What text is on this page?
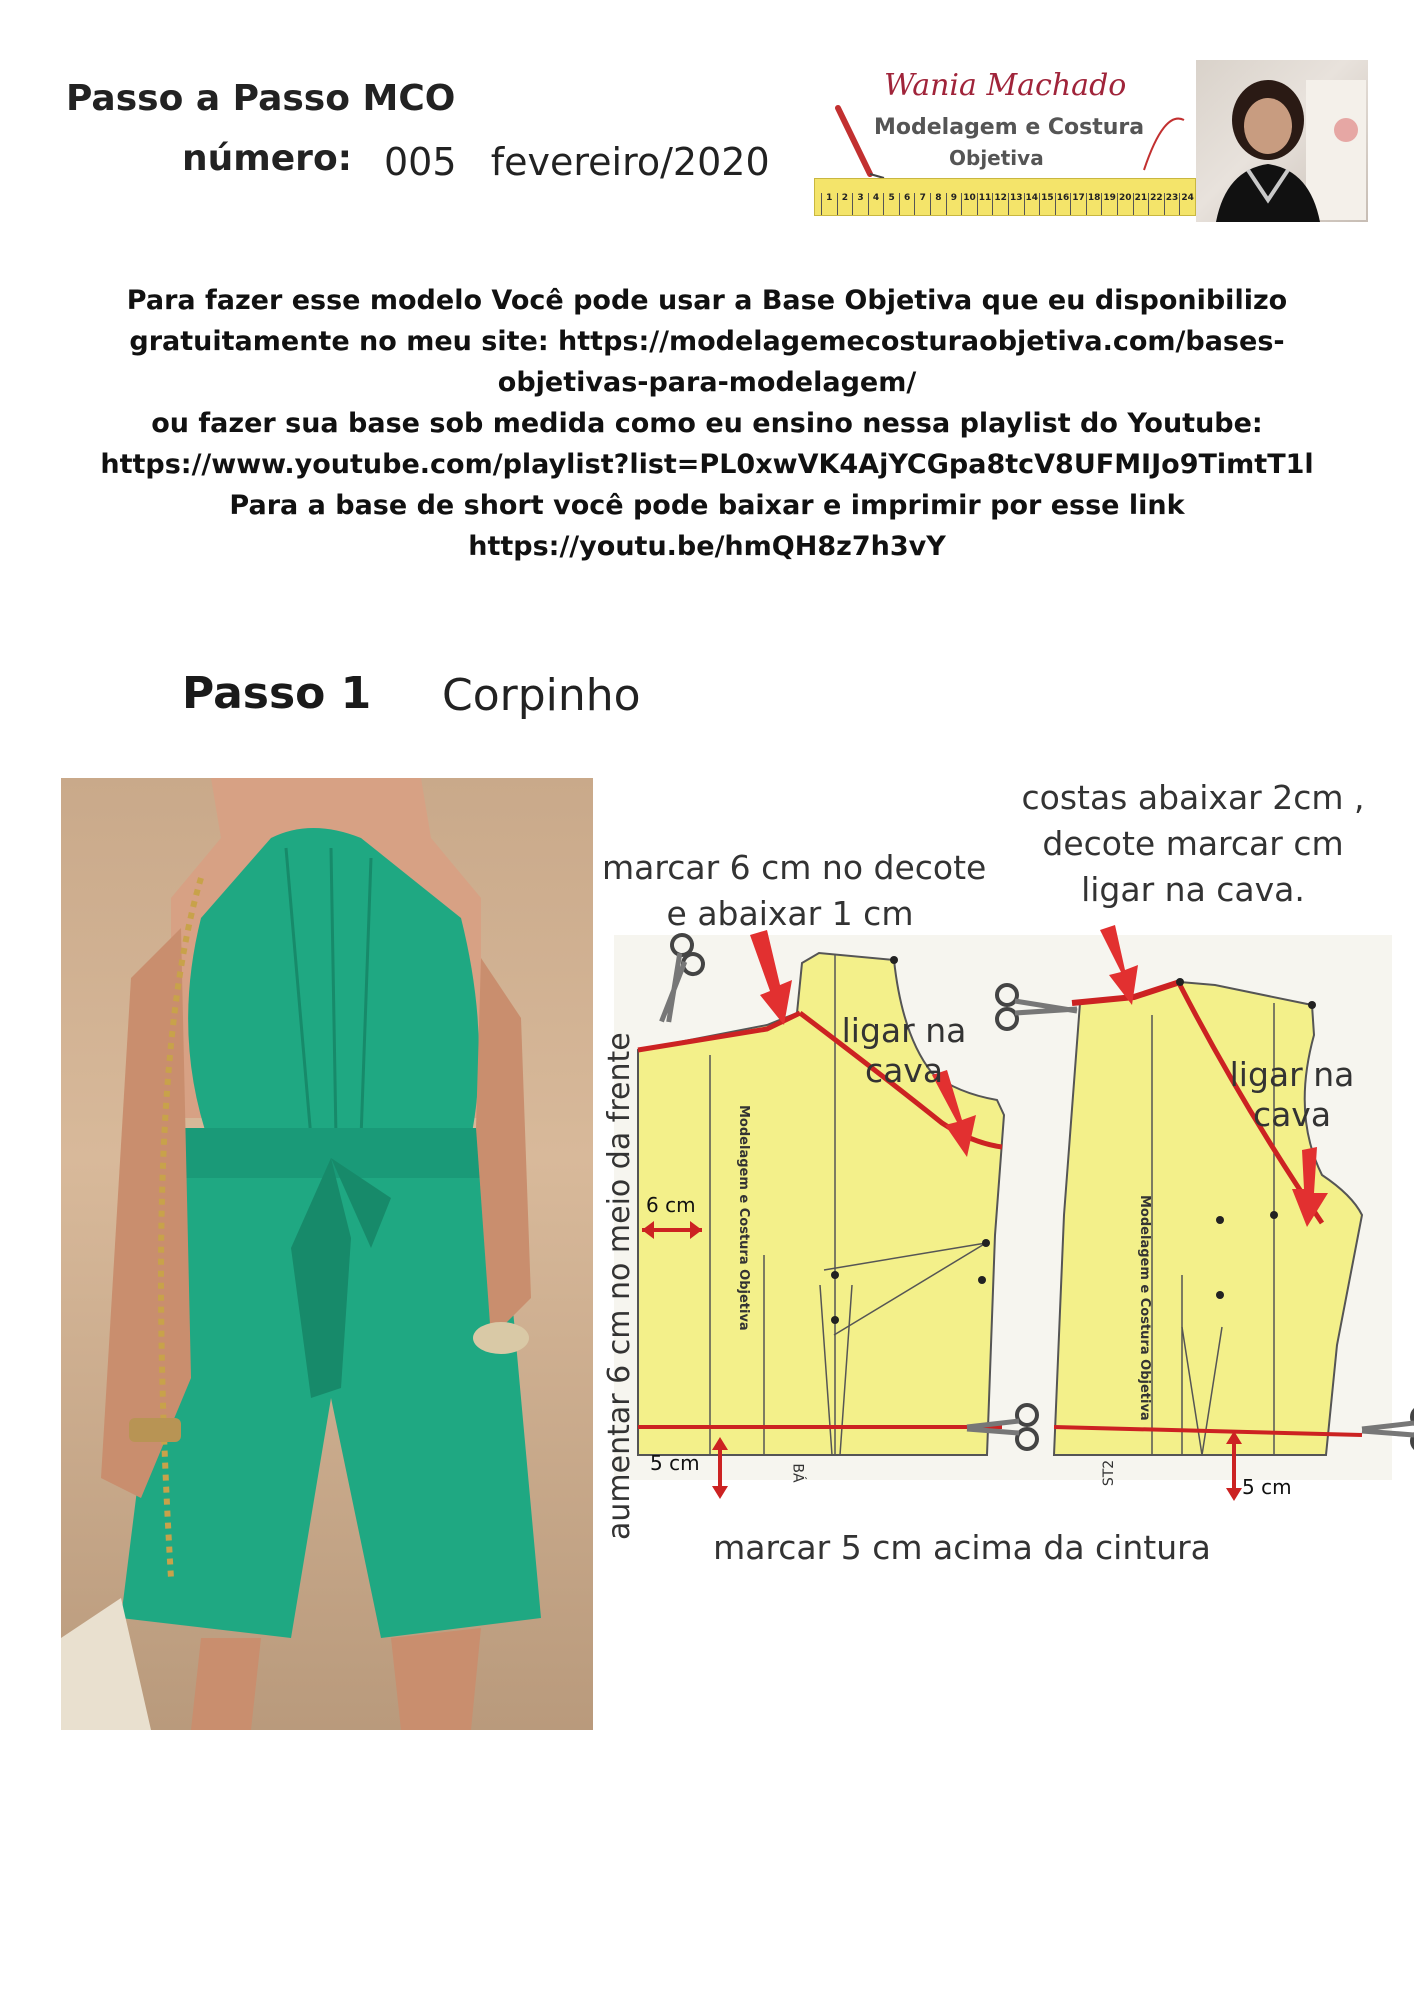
Passo a Passo MCO
número: 005 fevereiro/2020
Wania Machado
Modelagem e Costura
Objetiva
1	2	3	4	5	6	7	8	9 10 11 12 13 14 15 16 17 18 19 20 21 22 23 24
Para fazer esse modelo Você pode usar a Base Objetiva que eu disponibilizo
gratuitamente no meu site: https://modelagemecosturaobjetiva.com/bases-
objetivas-para-modelagem/
ou fazer sua base sob medida como eu ensino nessa playlist do Youtube:
https://www.youtube.com/playlist?list=PL0xwVK4AjYCGpa8tcV8UFMIJo9TimtT1l
Para a base de short você pode baixar e imprimir por esse link
https://youtu.be/hmQH8z7h3vY
Passo 1 Corpinho
marcar 6 cm no decote
e abaixar 1 cm
costas abaixar 2cm ,
decote marcar cm
ligar na cava.
ligar na
cava	ligar na
cava
6 cm
5 cm
5 cm
Modelagem e Costura Objetiva	Modelagem e Costura Objetiva
BÁ	ST2
marcar 5 cm acima da cintura
aumentar 6 cm no meio da frente
